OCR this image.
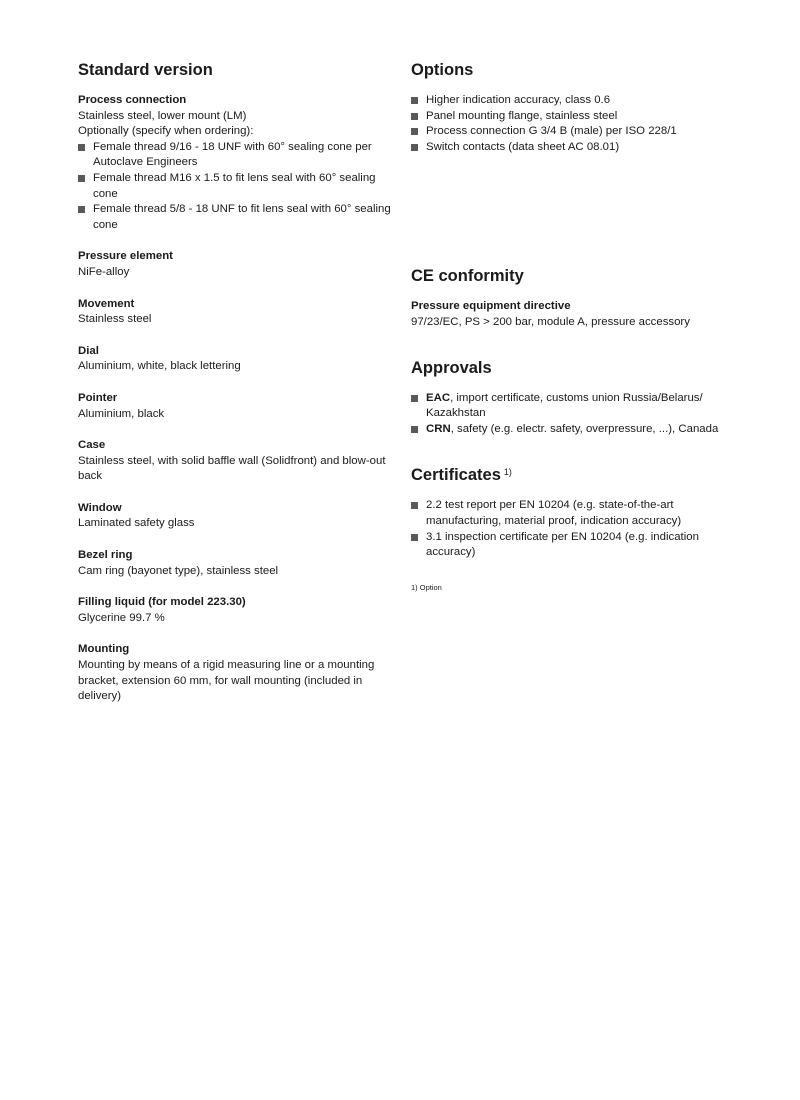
Standard version

Process connection

Stainless steel, lower mount (LM)

Optionally (specify when ordering):

Female thread 9/16 - 18 UNF with 60° sealing cone per Autoclave Engineers
Female thread M16 x 1.5 to fit lens seal with 60° sealing cone
Female thread 5/8 - 18 UNF to fit lens seal with 60° sealing cone

Pressure element

NiFe-alloy

Movement

Stainless steel

Dial

Aluminium, white, black lettering

Pointer

Aluminium, black

Case

Stainless steel, with solid baffle wall (Solidfront) and blow-out back

Window

Laminated safety glass

Bezel ring

Cam ring (bayonet type), stainless steel

Filling liquid (for model 223.30)

Glycerine 99.7 %

Mounting

Mounting by means of a rigid measuring line or a mounting bracket, extension 60 mm, for wall mounting (included in delivery)

Options
Higher indication accuracy, class 0.6
Panel mounting flange, stainless steel
Process connection G 3/4 B (male) per ISO 228/1
Switch contacts (data sheet AC 08.01)
CE conformity

Pressure equipment directive

97/23/EC, PS > 200 bar, module A, pressure accessory

Approvals
EAC, import certificate, customs union Russia/Belarus/ Kazakhstan
CRN, safety (e.g. electr. safety, overpressure, ...), Canada
Certificates $^{1)}$
2.2 test report per EN 10204 (e.g. state-of-the-art manufacturing, material proof, indication accuracy)
3.1 inspection certificate per EN 10204 (e.g. indication accuracy)

1) Option
